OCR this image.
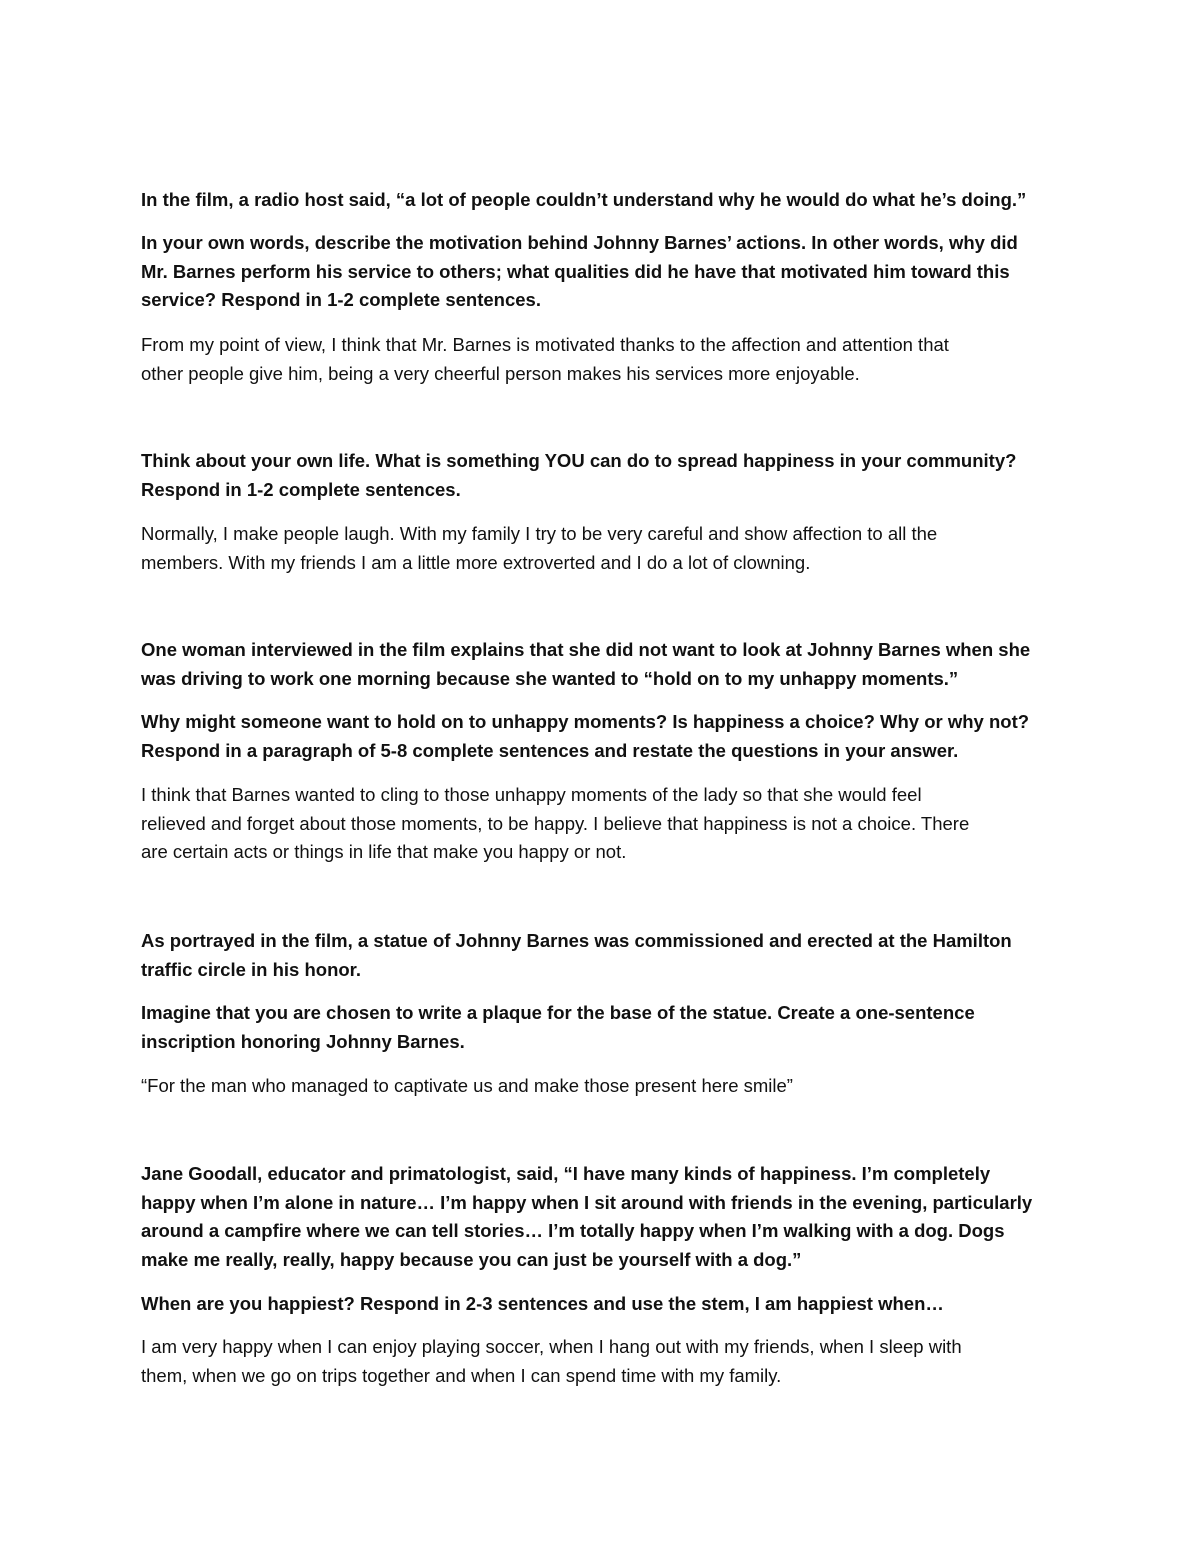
In the film, a radio host said, “a lot of people couldn’t understand why he would do what he’s doing.”

In your own words, describe the motivation behind Johnny Barnes’ actions. In other words, why did
Mr. Barnes perform his service to others; what qualities did he have that motivated him toward this
service? Respond in 1-2 complete sentences.

From my point of view, I think that Mr. Barnes is motivated thanks to the affection and attention that
other people give him, being a very cheerful person makes his services more enjoyable.

Think about your own life. What is something YOU can do to spread happiness in your community?
Respond in 1-2 complete sentences.

Normally, I make people laugh. With my family I try to be very careful and show affection to all the
members. With my friends I am a little more extroverted and I do a lot of clowning.

One woman interviewed in the film explains that she did not want to look at Johnny Barnes when she
was driving to work one morning because she wanted to “hold on to my unhappy moments.”

Why might someone want to hold on to unhappy moments? Is happiness a choice? Why or why not?
Respond in a paragraph of 5-8 complete sentences and restate the questions in your answer.

I think that Barnes wanted to cling to those unhappy moments of the lady so that she would feel
relieved and forget about those moments, to be happy. I believe that happiness is not a choice. There
are certain acts or things in life that make you happy or not.

As portrayed in the film, a statue of Johnny Barnes was commissioned and erected at the Hamilton
traffic circle in his honor.

Imagine that you are chosen to write a plaque for the base of the statue. Create a one-sentence
inscription honoring Johnny Barnes.

“For the man who managed to captivate us and make those present here smile”

Jane Goodall, educator and primatologist, said, “I have many kinds of happiness. I’m completely
happy when I’m alone in nature… I’m happy when I sit around with friends in the evening, particularly
around a campfire where we can tell stories… I’m totally happy when I’m walking with a dog. Dogs
make me really, really, happy because you can just be yourself with a dog.”

When are you happiest? Respond in 2-3 sentences and use the stem, I am happiest when…

I am very happy when I can enjoy playing soccer, when I hang out with my friends, when I sleep with
them, when we go on trips together and when I can spend time with my family.
